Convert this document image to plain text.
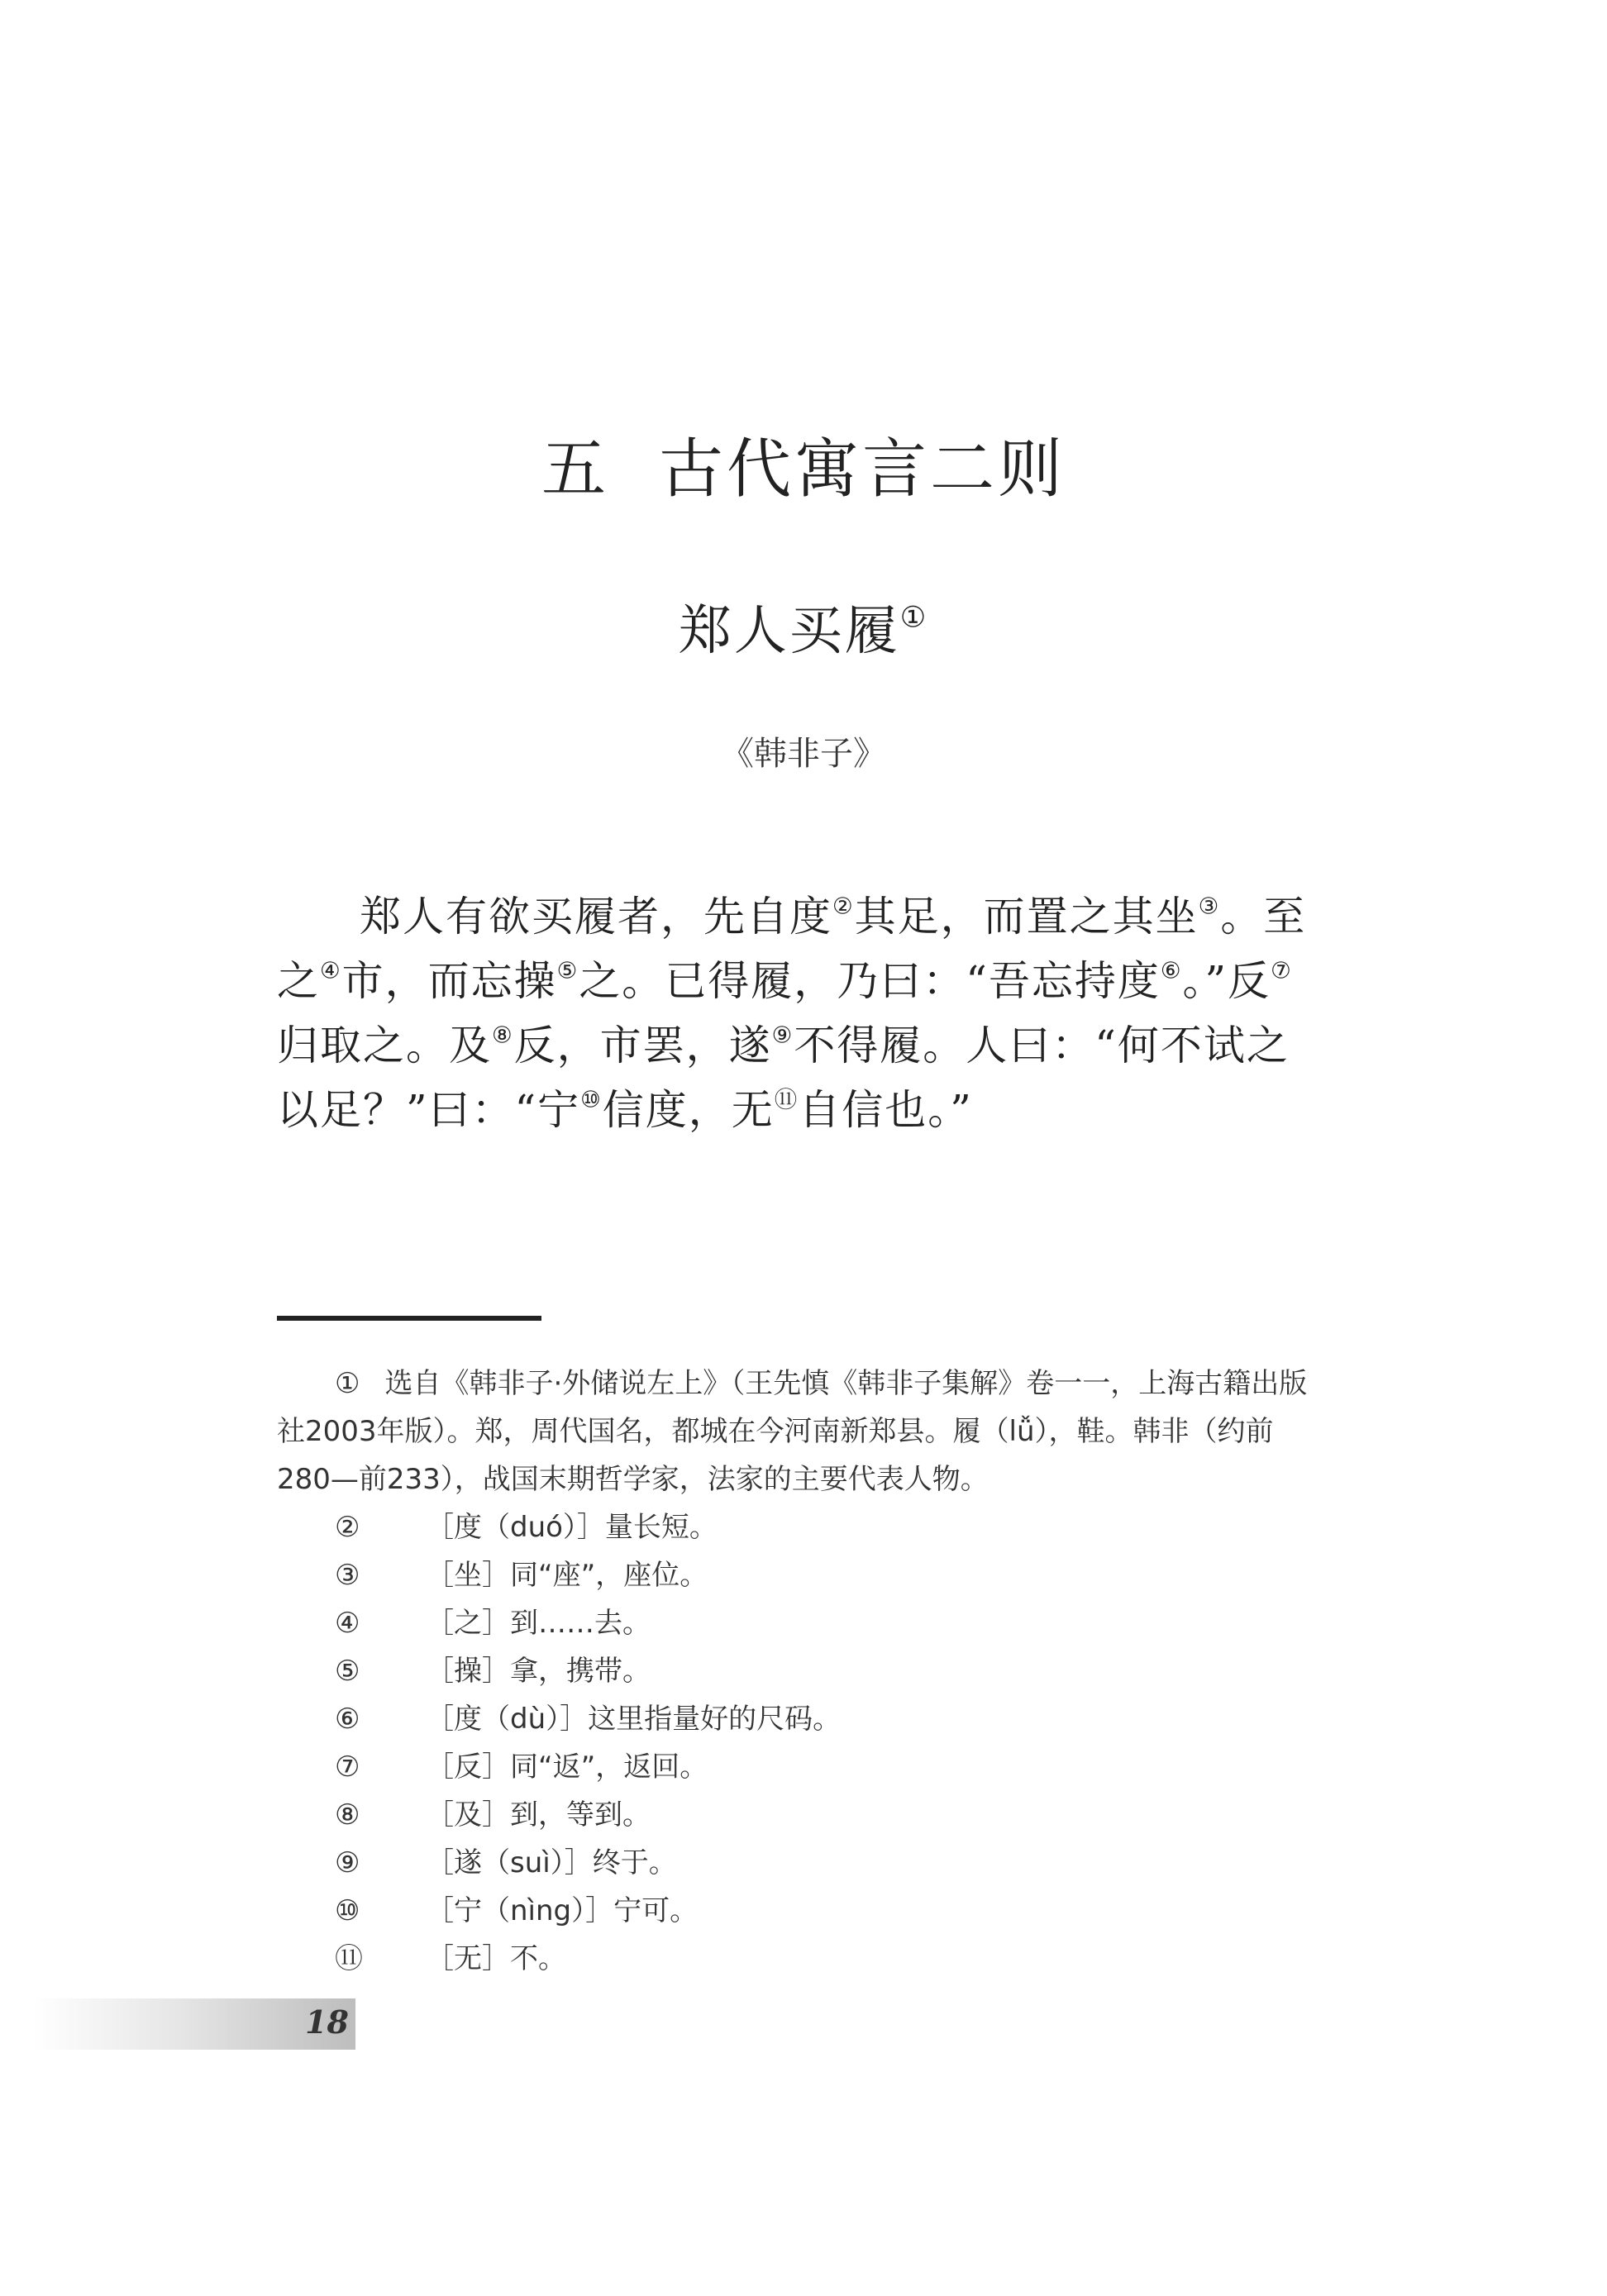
五 古代寓言二则
郑人买履①
《韩非子》
郑人有欲买履者，先自度②其足，而置之其坐③。至之④市，而忘操⑤之。已得履，乃曰：“吾忘持度⑥。”反⑦归取之。及⑧反，市罢，遂⑨不得履。人曰：“何不试之以足？”曰：“宁⑩信度，无⑪自信也。”

① 选自《韩非子·外储说左上》（王先慎《韩非子集解》卷一一，上海古籍出版社2003年版）。郑，周代国名，都城在今河南新郑县。履（lǚ），鞋。韩非（约前280—前233），战国末期哲学家，法家的主要代表人物。

②	［度（duó）］量长短。
③	［坐］同“座”，座位。
④	［之］到……去。
⑤	［操］拿，携带。
⑥	［度（dù）］这里指量好的尺码。
⑦	［反］同“返”，返回。
⑧	［及］到，等到。
⑨	［遂（suì）］终于。
⑩	［宁（nìng）］宁可。
⑪	［无］不。
18
